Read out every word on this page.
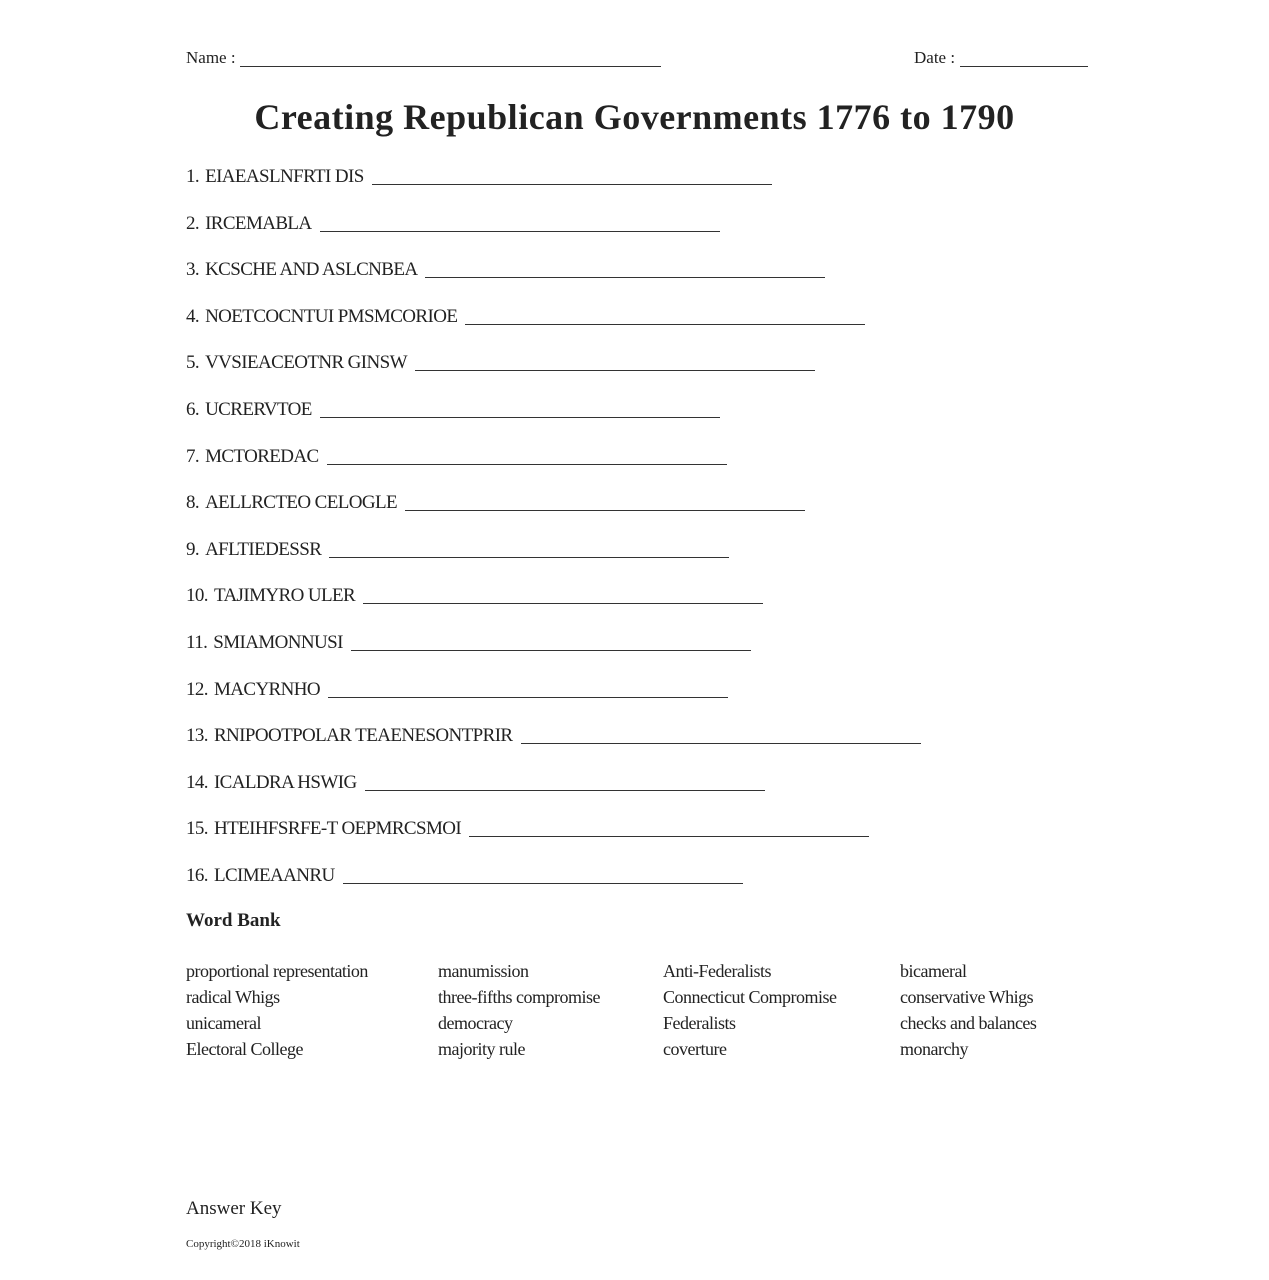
Name :	Date :
Creating Republican Governments 1776 to 1790
1. EIAEASLNFRTI DIS
2. IRCEMABLA
3. KCSCHE AND ASLCNBEA
4. NOETCOCNTUI PMSMCORIOE
5. VVSIEACEOTNR GINSW
6. UCRERVTOE
7. MCTOREDAC
8. AELLRCTEO CELOGLE
9. AFLTIEDESSR
10. TAJIMYRO ULER
11. SMIAMONNUSI
12. MACYRNHO
13. RNIPOOTPOLAR TEAENESONTPRIR
14. ICALDRA HSWIG
15. HTEIHFSRFE-T OEPMRCSMOI
16. LCIMEAANRU
Word Bank
proportional representation
radical Whigs
unicameral
Electoral College
manumission
three-fifths compromise
democracy
majority rule
Anti-Federalists
Connecticut Compromise
Federalists
coverture
bicameral
conservative Whigs
checks and balances
monarchy
Answer Key
Copyright©2018 iKnowit
